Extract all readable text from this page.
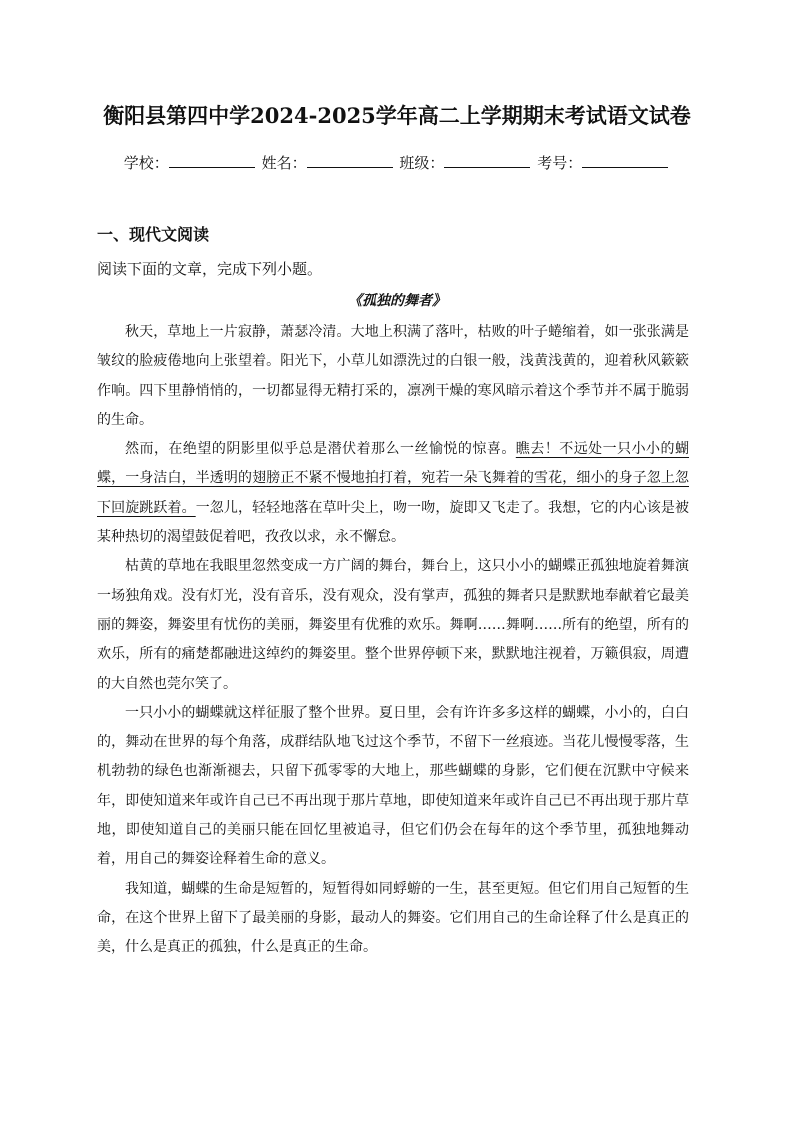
衡阳县第四中学2024-2025学年高二上学期期末考试语文试卷
学校：	姓名：	班级：	考号：
一、现代文阅读
阅读下面的文章，完成下列小题。
《孤独的舞者》

秋天，草地上一片寂静，萧瑟冷清。大地上积满了落叶，枯败的叶子蜷缩着，如一张张满是皱纹的脸疲倦地向上张望着。阳光下，小草儿如漂洗过的白银一般，浅黄浅黄的，迎着秋风簌簌作响。四下里静悄悄的，一切都显得无精打采的，凛冽干燥的寒风暗示着这个季节并不属于脆弱的生命。

然而，在绝望的阴影里似乎总是潜伏着那么一丝愉悦的惊喜。瞧去！不远处一只小小的蝴蝶，一身洁白，半透明的翅膀正不紧不慢地拍打着，宛若一朵飞舞着的雪花，细小的身子忽上忽下回旋跳跃着。一忽儿，轻轻地落在草叶尖上，吻一吻，旋即又飞走了。我想，它的内心该是被某种热切的渴望鼓促着吧，孜孜以求，永不懈怠。

枯黄的草地在我眼里忽然变成一方广阔的舞台，舞台上，这只小小的蝴蝶正孤独地旋着舞演一场独角戏。没有灯光，没有音乐，没有观众，没有掌声，孤独的舞者只是默默地奉献着它最美丽的舞姿，舞姿里有忧伤的美丽，舞姿里有优雅的欢乐。舞啊……舞啊……所有的绝望，所有的欢乐，所有的痛楚都融进这绰约的舞姿里。整个世界停顿下来，默默地注视着，万籁俱寂，周遭的大自然也莞尔笑了。

一只小小的蝴蝶就这样征服了整个世界。夏日里，会有许许多多这样的蝴蝶，小小的，白白的，舞动在世界的每个角落，成群结队地飞过这个季节，不留下一丝痕迹。当花儿慢慢零落，生机勃勃的绿色也渐渐褪去，只留下孤零零的大地上，那些蝴蝶的身影，它们便在沉默中守候来年，即使知道来年或许自己已不再出现于那片草地，即使知道来年或许自己已不再出现于那片草地，即使知道自己的美丽只能在回忆里被追寻，但它们仍会在每年的这个季节里，孤独地舞动着，用自己的舞姿诠释着生命的意义。

我知道，蝴蝶的生命是短暂的，短暂得如同蜉蝣的一生，甚至更短。但它们用自己短暂的生命，在这个世界上留下了最美丽的身影，最动人的舞姿。它们用自己的生命诠释了什么是真正的美，什么是真正的孤独，什么是真正的生命。
